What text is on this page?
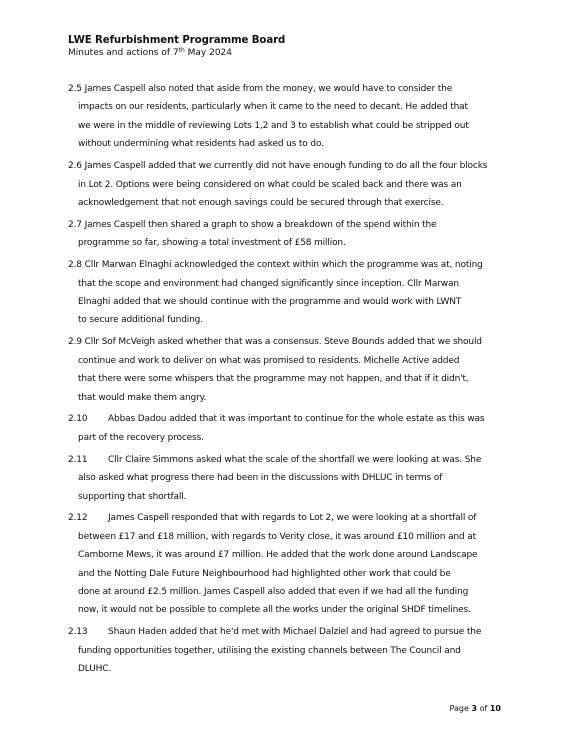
LWE Refurbishment Programme Board
Minutes and actions of 7th May 2024
2.5 James Caspell also noted that aside from the money, we would have to consider the
impacts on our residents, particularly when it came to the need to decant. He added that
we were in the middle of reviewing Lots 1,2 and 3 to establish what could be stripped out
without undermining what residents had asked us to do.
2.6 James Caspell added that we currently did not have enough funding to do all the four blocks
in Lot 2. Options were being considered on what could be scaled back and there was an
acknowledgement that not enough savings could be secured through that exercise.
2.7 James Caspell then shared a graph to show a breakdown of the spend within the
programme so far, showing a total investment of £58 million.
2.8 Cllr Marwan Elnaghi acknowledged the context within which the programme was at, noting
that the scope and environment had changed significantly since inception. Cllr Marwan
Elnaghi added that we should continue with the programme and would work with LWNT
to secure additional funding.
2.9 Cllr Sof McVeigh asked whether that was a consensus. Steve Bounds added that we should
continue and work to deliver on what was promised to residents. Michelle Active added
that there were some whispers that the programme may not happen, and that if it didn't,
that would make them angry.
2.10 Abbas Dadou added that it was important to continue for the whole estate as this was
part of the recovery process.
2.11 Cllr Claire Simmons asked what the scale of the shortfall we were looking at was. She
also asked what progress there had been in the discussions with DHLUC in terms of
supporting that shortfall.
2.12 James Caspell responded that with regards to Lot 2, we were looking at a shortfall of
between £17 and £18 million, with regards to Verity close, it was around £10 million and at
Camborne Mews, it was around £7 million. He added that the work done around Landscape
and the Notting Dale Future Neighbourhood had highlighted other work that could be
done at around £2.5 million. James Caspell also added that even if we had all the funding
now, it would not be possible to complete all the works under the original SHDF timelines.
2.13 Shaun Haden added that he'd met with Michael Dalziel and had agreed to pursue the
funding opportunities together, utilising the existing channels between The Council and
DLUHC.
Page 3 of 10
